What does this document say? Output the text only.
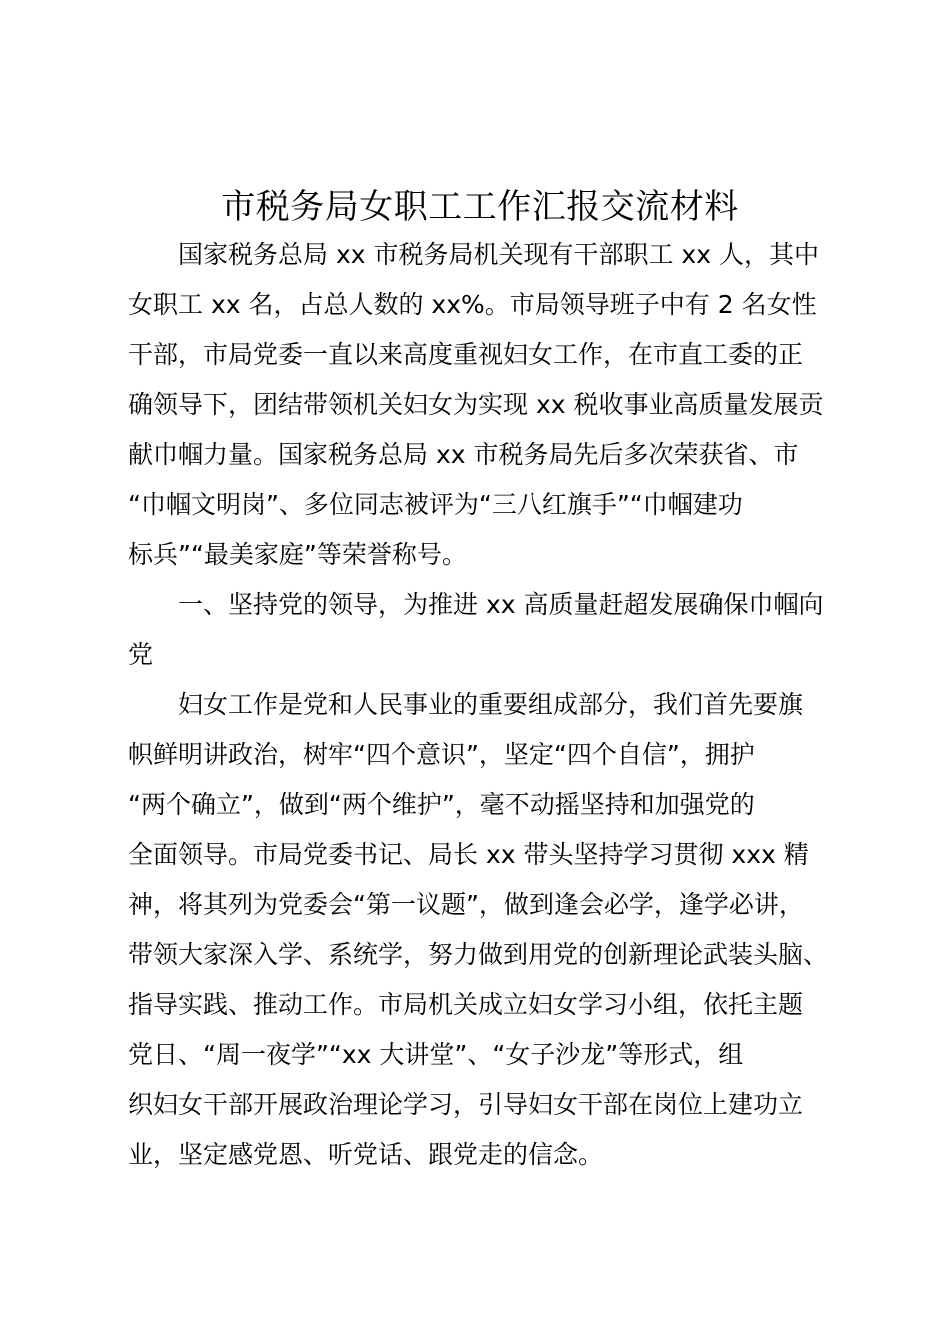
市税务局女职工工作汇报交流材料
国家税务总局 xx 市税务局机关现有干部职工 xx 人，其中
女职工 xx 名，占总人数的 xx%。市局领导班子中有 2 名女性
干部，市局党委一直以来高度重视妇女工作，在市直工委的正
确领导下，团结带领机关妇女为实现 xx 税收事业高质量发展贡
献巾帼力量。国家税务总局 xx 市税务局先后多次荣获省、市
“巾帼文明岗”、多位同志被评为“三八红旗手”“巾帼建功
标兵”“最美家庭”等荣誉称号。
一、坚持党的领导，为推进 xx 高质量赶超发展确保巾帼向
党
妇女工作是党和人民事业的重要组成部分，我们首先要旗
帜鲜明讲政治，树牢“四个意识”，坚定“四个自信”，拥护
“两个确立”，做到“两个维护”，毫不动摇坚持和加强党的
全面领导。市局党委书记、局长 xx 带头坚持学习贯彻 xxx 精
神，将其列为党委会“第一议题”，做到逢会必学，逢学必讲，
带领大家深入学、系统学，努力做到用党的创新理论武装头脑、
指导实践、推动工作。市局机关成立妇女学习小组，依托主题
党日、“周一夜学”“xx 大讲堂”、“女子沙龙”等形式，组
织妇女干部开展政治理论学习，引导妇女干部在岗位上建功立
业，坚定感党恩、听党话、跟党走的信念。
